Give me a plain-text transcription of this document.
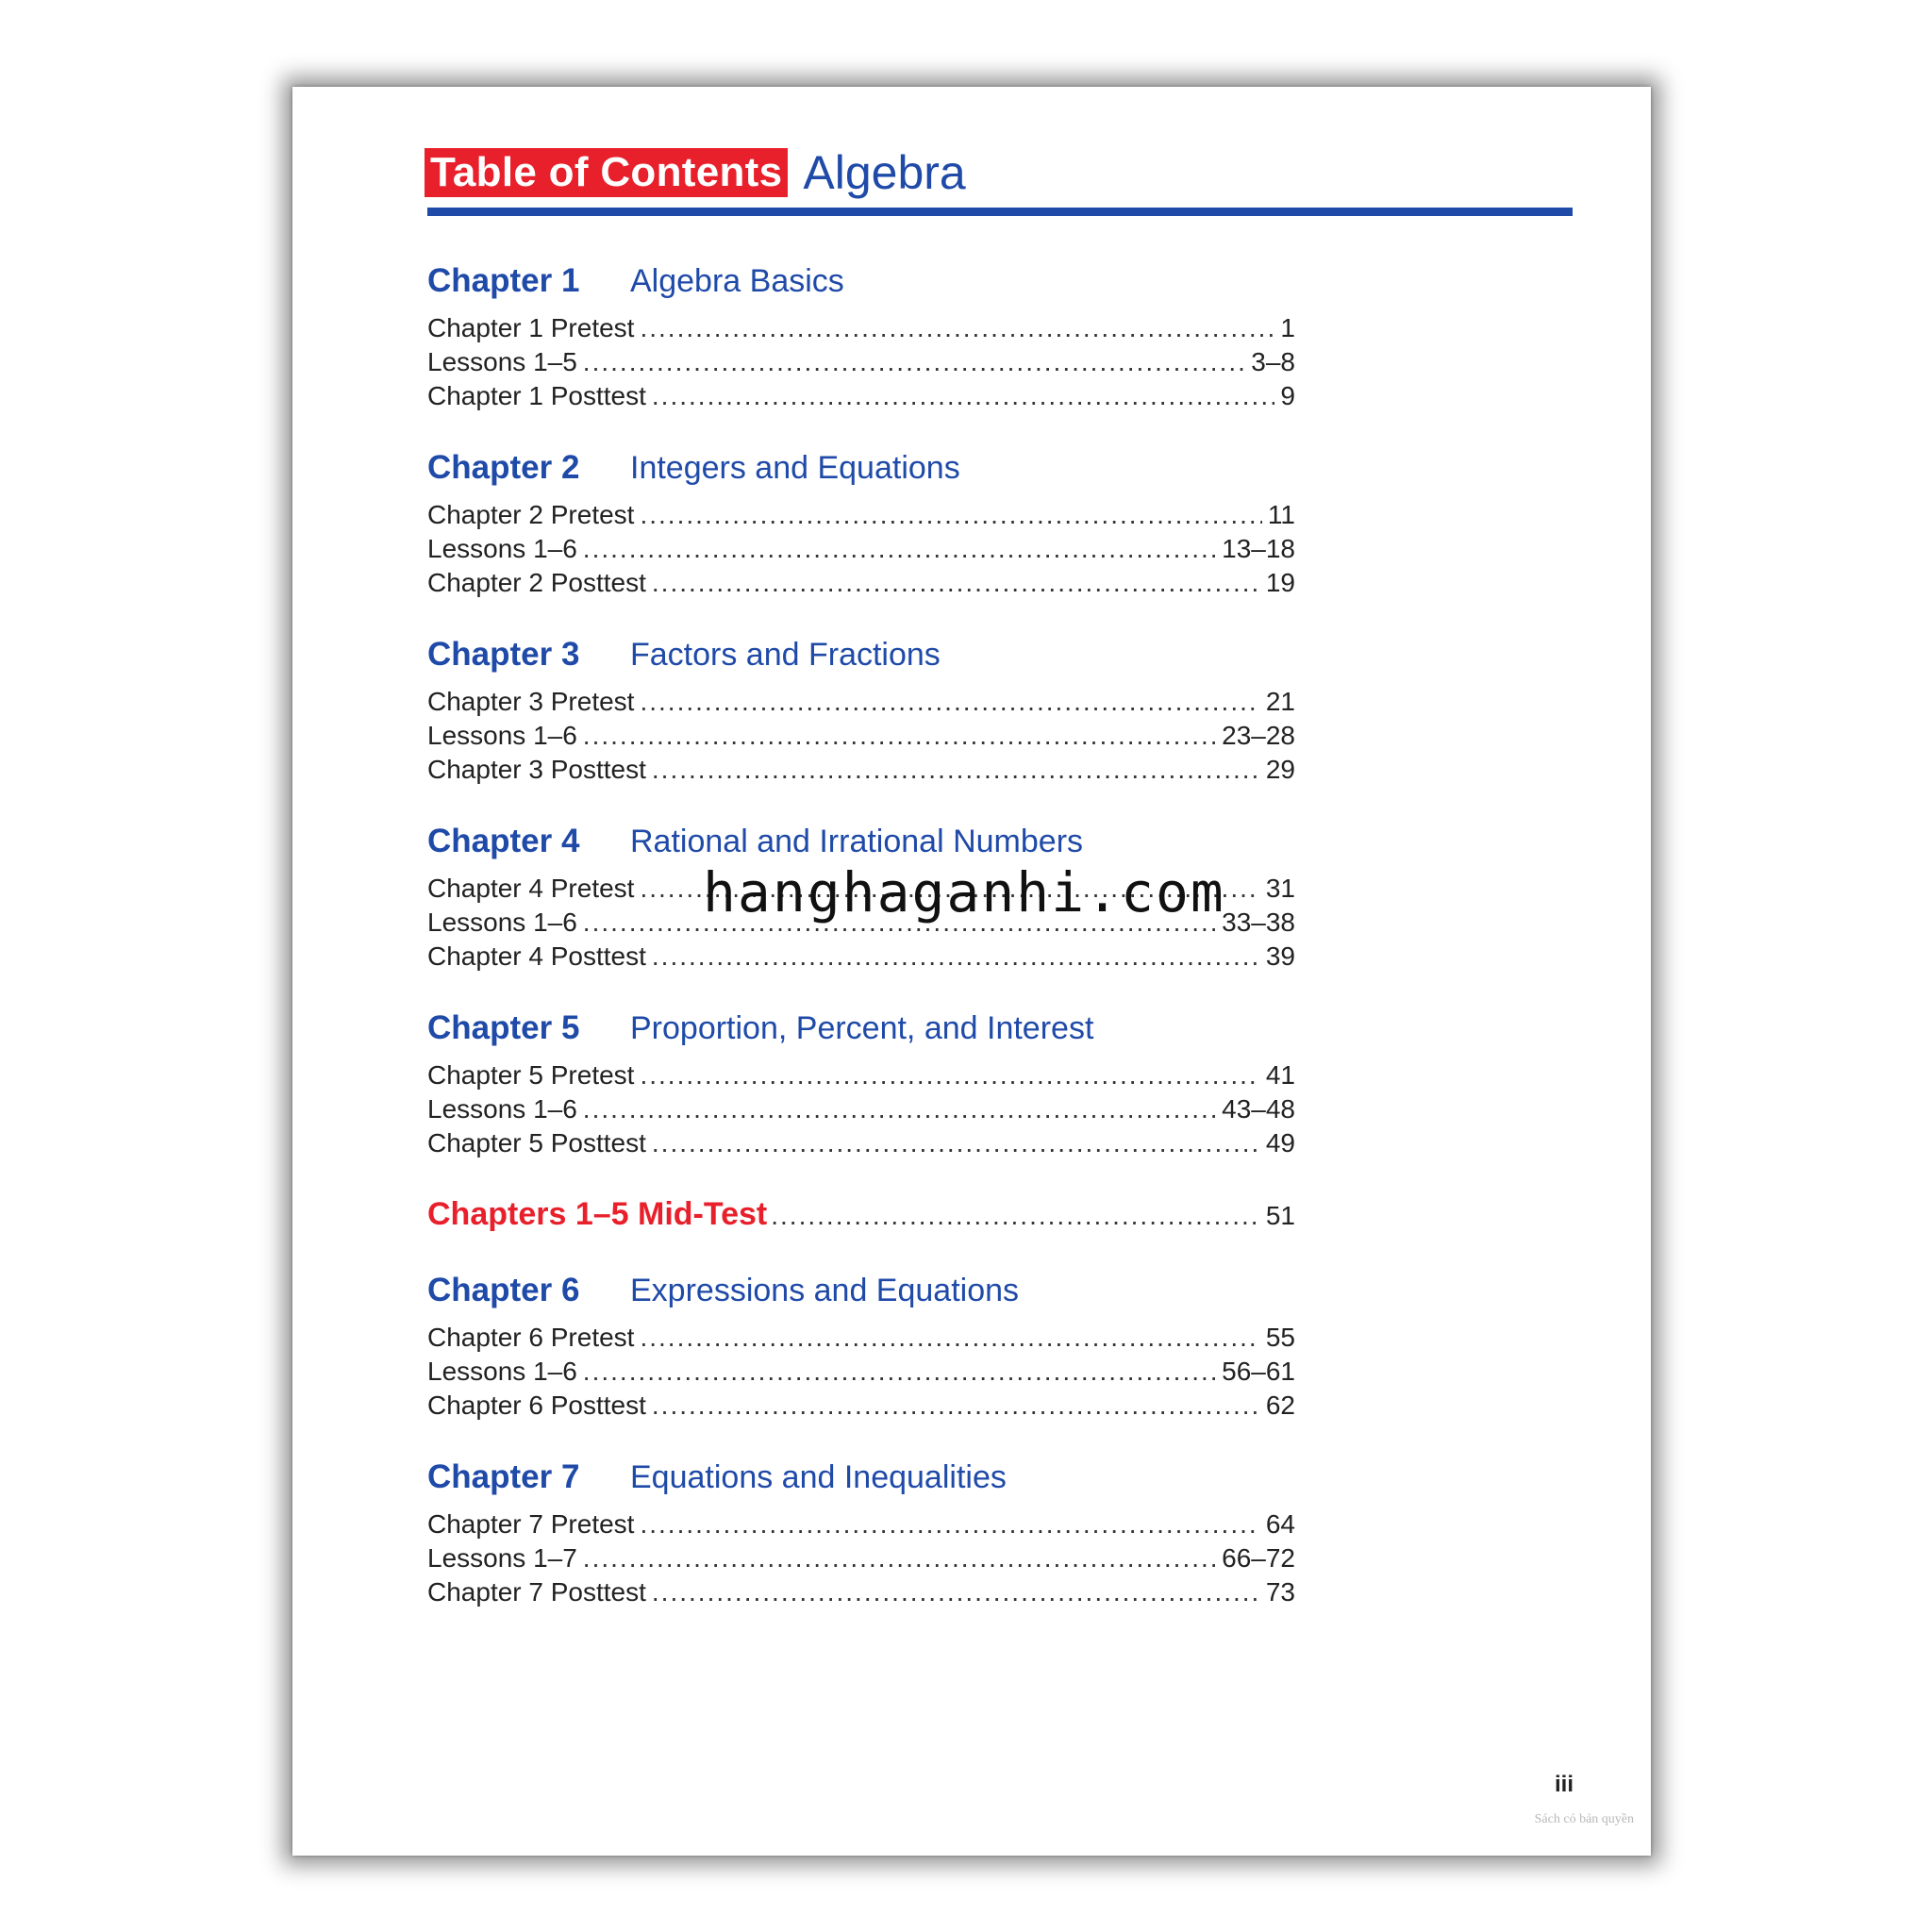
Table of Contents Algebra
Chapter 1	Algebra Basics
Chapter 1 Pretest .....	1
Lessons 1–5 .....	3–8
Chapter 1 Posttest .....	9
Chapter 2	Integers and Equations
Chapter 2 Pretest .....	11
Lessons 1–6 .....	13–18
Chapter 2 Posttest .....	19
Chapter 3	Factors and Fractions
Chapter 3 Pretest .....	21
Lessons 1–6 .....	23–28
Chapter 3 Posttest .....	29
Chapter 4	Rational and Irrational Numbers
Chapter 4 Pretest .....	31
Lessons 1–6 .....	33–38
Chapter 4 Posttest .....	39
Chapter 5	Proportion, Percent, and Interest
Chapter 5 Pretest .....	41
Lessons 1–6 .....	43–48
Chapter 5 Posttest .....	49
Chapters 1–5 Mid-Test .....	51
Chapter 6	Expressions and Equations
Chapter 6 Pretest .....	55
Lessons 1–6 .....	56–61
Chapter 6 Posttest .....	62
Chapter 7	Equations and Inequalities
Chapter 7 Pretest .....	64
Lessons 1–7 .....	66–72
Chapter 7 Posttest .....	73
hanghaganhi.com
iii
Sách có bản quyền
